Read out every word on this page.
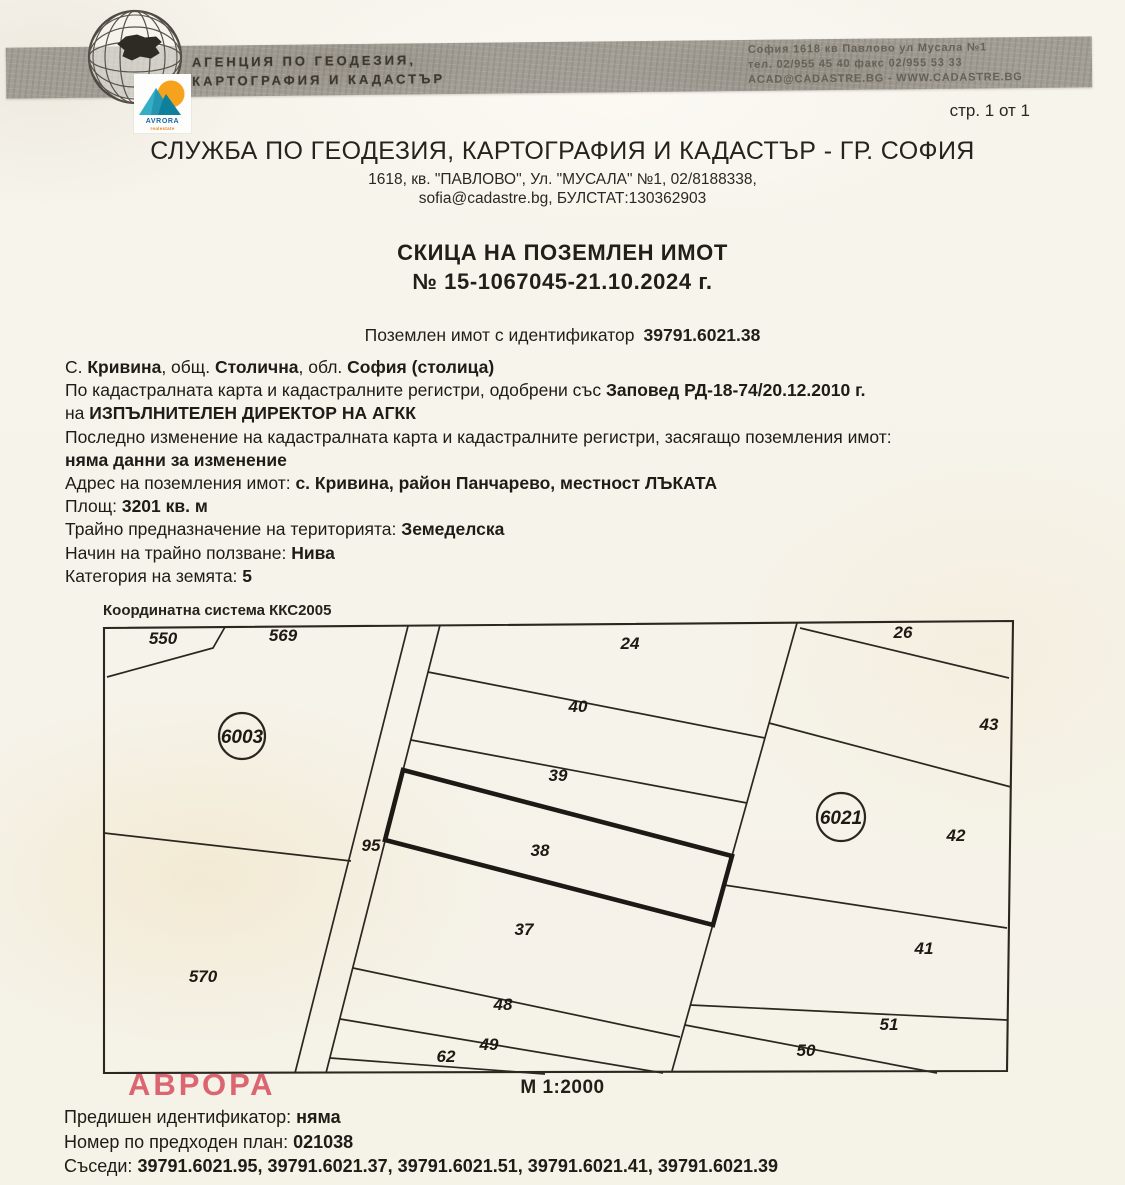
АГЕНЦИЯ ПО ГЕОДЕЗИЯ,
КАРТОГРАФИЯ И КАДАСТЪР
София 1618 кв Павлово ул Мусала №1
тел. 02/955 45 40 факс 02/955 53 33
ACAD@CADASTRE.BG - WWW.CADASTRE.BG
AVRORA
realestate
стр. 1 от 1
СЛУЖБА ПО ГЕОДЕЗИЯ, КАРТОГРАФИЯ И КАДАСТЪР - ГР. СОФИЯ
1618, кв. "ПАВЛОВО", Ул. "МУСАЛА" №1, 02/8188338,
sofia@cadastre.bg, БУЛСТАТ:130362903
СКИЦА НА ПОЗЕМЛЕН ИМОТ
№ 15-1067045-21.10.2024 г.
Поземлен имот с идентификатор 39791.6021.38
С. Кривина, общ. Столична, обл. София (столица)
По кадастралната карта и кадастралните регистри, одобрени със Заповед РД-18-74/20.12.2010 г.
на ИЗПЪЛНИТЕЛЕН ДИРЕКТОР НА АГКК
Последно изменение на кадастралната карта и кадастралните регистри, засягащо поземления имот:
няма данни за изменение
Адрес на поземления имот: с. Кривина, район Панчарево, местност ЛЪКАТА
Площ: 3201 кв. м
Трайно предназначение на територията: Земеделска
Начин на трайно ползване: Нива
Категория на земята: 5
Координатна система ККС2005
550	569
6003
570
95
24
40
39
38
37
48
49
62
26
43
6021
42
41
51
50
М 1:2000
АВРОРА
Предишен идентификатор: няма
Номер по предходен план: 021038
Съседи: 39791.6021.95, 39791.6021.37, 39791.6021.51, 39791.6021.41, 39791.6021.39
